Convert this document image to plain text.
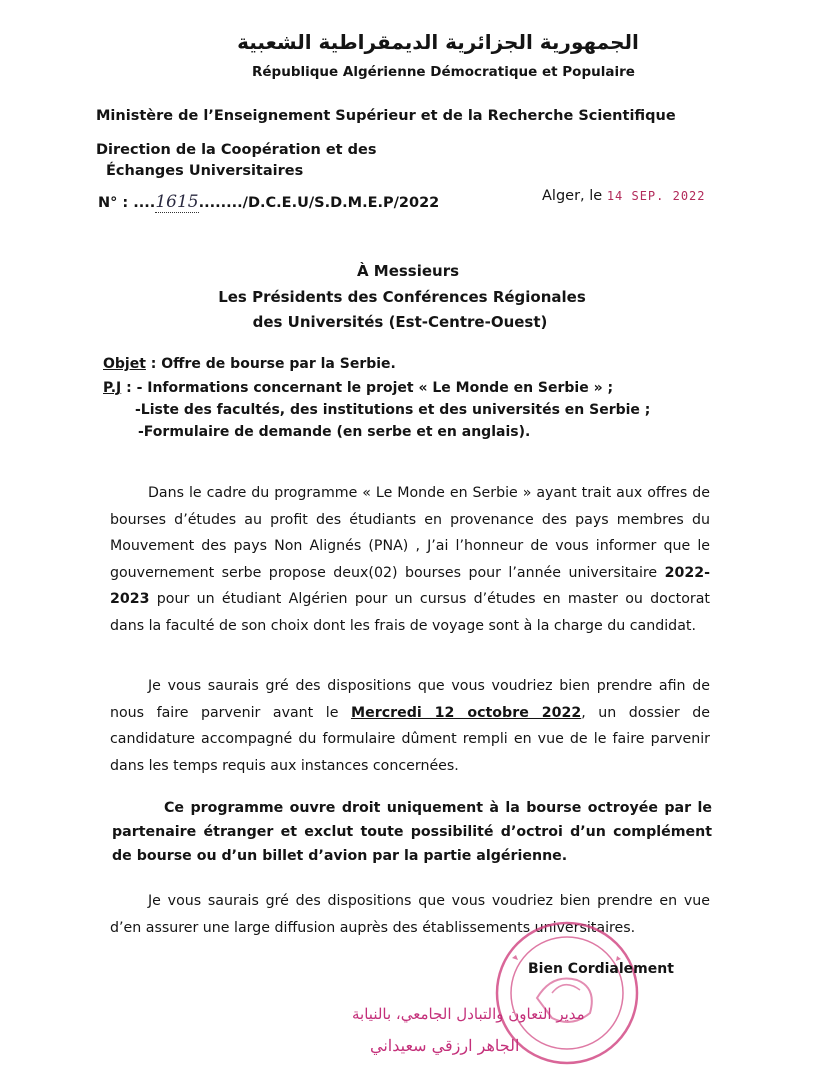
الجمهورية الجزائرية الديمقراطية الشعبية
République Algérienne Démocratique et Populaire
Ministère de l’Enseignement Supérieur et de la Recherche Scientifique
Direction de la Coopération et des
Échanges Universitaires
N° : ....1615......../D.C.E.U/S.D.M.E.P/2022	Alger, le 14 SEP. 2022
À Messieurs
Les Présidents des Conférences Régionales
des Universités (Est-Centre-Ouest)
Objet : Offre de bourse par la Serbie.
P.J : - Informations concernant le projet « Le Monde en Serbie » ;
-Liste des facultés, des institutions et des universités en Serbie ;
-Formulaire de demande (en serbe et en anglais).

Dans le cadre du programme « Le Monde en Serbie » ayant trait aux offres de bourses d’études au profit des étudiants en provenance des pays membres du Mouvement des pays Non Alignés (PNA) , J’ai l’honneur de vous informer que le gouvernement serbe propose deux(02) bourses pour l’année universitaire 2022-2023 pour un étudiant Algérien pour un cursus d’études en master ou doctorat dans la faculté de son choix dont les frais de voyage sont à la charge du candidat.

Je vous saurais gré des dispositions que vous voudriez bien prendre afin de nous faire parvenir avant le Mercredi 12 octobre 2022, un dossier de candidature accompagné du formulaire dûment rempli en vue de le faire parvenir dans les temps requis aux instances concernées.

Ce programme ouvre droit uniquement à la bourse octroyée par le partenaire étranger et exclut toute possibilité d’octroi d’un complément de bourse ou d’un billet d’avion par la partie algérienne.

Je vous saurais gré des dispositions que vous voudriez bien prendre en vue d’en assurer une large diffusion auprès des établissements universitaires.

Bien Cordialement
مدير التعاون والتبادل الجامعي، بالنيابة
الجاهر ارزقي سعيداني
